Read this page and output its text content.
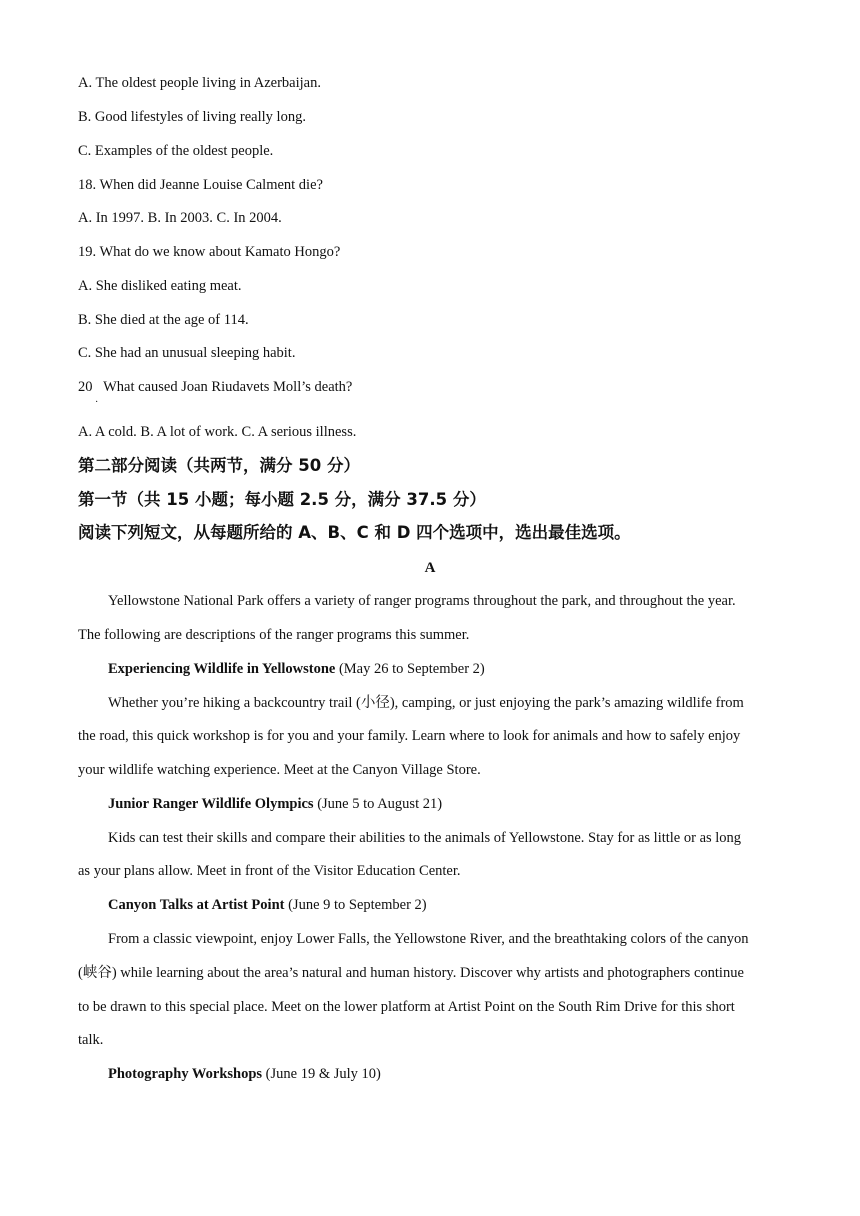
A. The oldest people living in Azerbaijan.
B. Good lifestyles of living really long.
C. Examples of the oldest people.
18. When did Jeanne Louise Calment die?
A. In 1997. B. In 2003. C. In 2004.
19. What do we know about Kamato Hongo?
A. She disliked eating meat.
B. She died at the age of 114.
C. She had an unusual sleeping habit.
20   What caused Joan Riudavets Moll’s death?
·
A. A cold. B. A lot of work. C. A serious illness.
第二部分阅读（共两节，满分 50 分）
第一节（共 15 小题；每小题 2.5 分，满分 37.5 分）
阅读下列短文，从每题所给的 A、B、C 和 D 四个选项中，选出最佳选项。
A
Yellowstone National Park offers a variety of ranger programs throughout the park, and throughout the year.
The following are descriptions of the ranger programs this summer.
Experiencing Wildlife in Yellowstone (May 26 to September 2)
Whether you’re hiking a backcountry trail (小径), camping, or just enjoying the park’s amazing wildlife from
the road, this quick workshop is for you and your family. Learn where to look for animals and how to safely enjoy
your wildlife watching experience. Meet at the Canyon Village Store.
Junior Ranger Wildlife Olympics (June 5 to August 21)
Kids can test their skills and compare their abilities to the animals of Yellowstone. Stay for as little or as long
as your plans allow. Meet in front of the Visitor Education Center.
Canyon Talks at Artist Point (June 9 to September 2)
From a classic viewpoint, enjoy Lower Falls, the Yellowstone River, and the breathtaking colors of the canyon
(峡谷) while learning about the area’s natural and human history. Discover why artists and photographers continue
to be drawn to this special place. Meet on the lower platform at Artist Point on the South Rim Drive for this short
talk.
Photography Workshops (June 19 & July 10)
